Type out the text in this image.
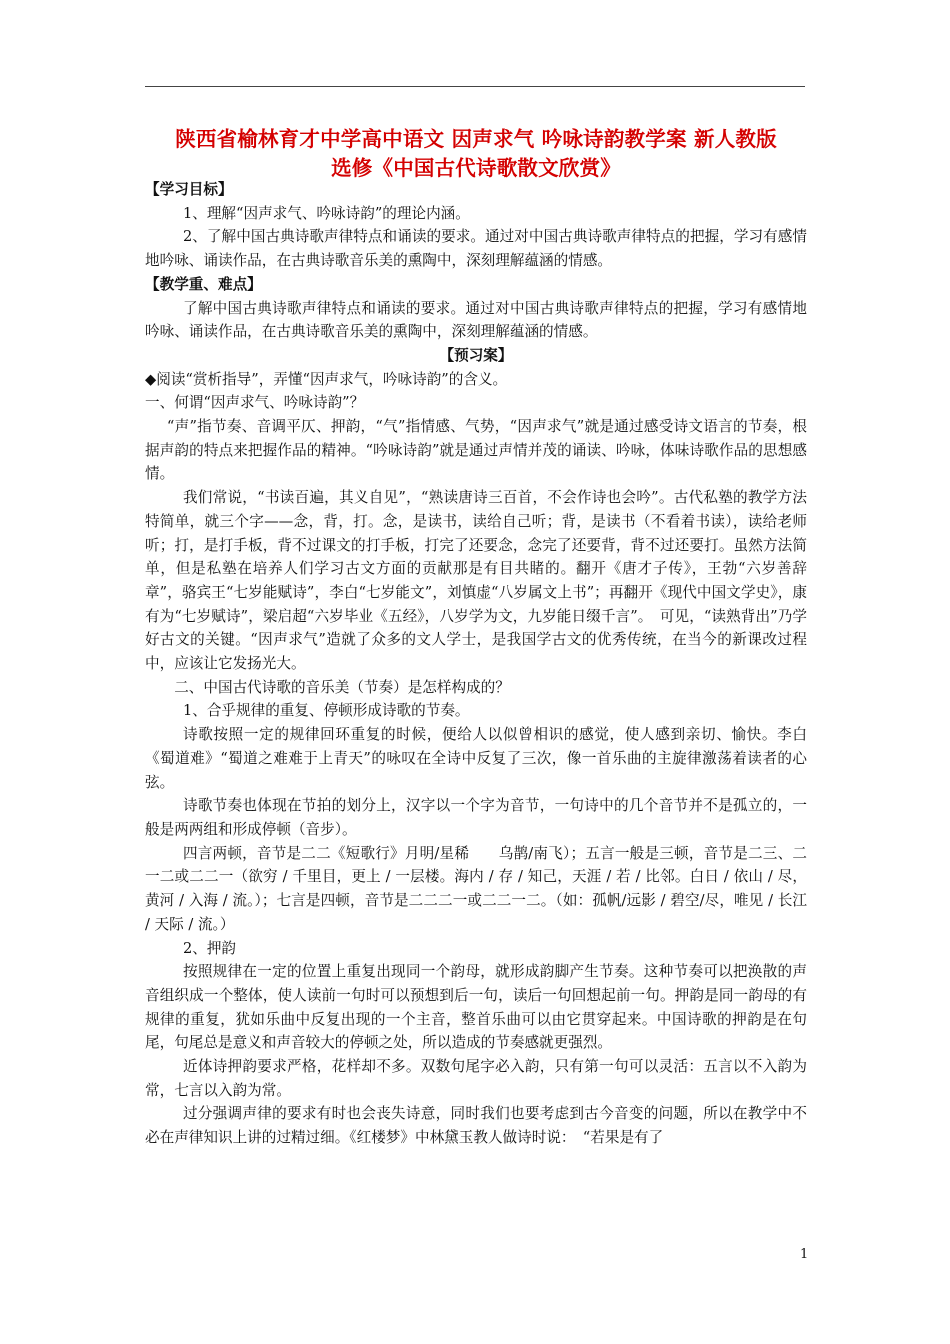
陕西省榆林育才中学高中语文 因声求气 吟咏诗韵教学案 新人教版
选修《中国古代诗歌散文欣赏》

【学习目标】

1、理解“因声求气、吟咏诗韵”的理论内涵。

2、了解中国古典诗歌声律特点和诵读的要求。通过对中国古典诗歌声律特点的把握，学习有感情地吟咏、诵读作品，在古典诗歌音乐美的熏陶中，深刻理解蕴涵的情感。

【教学重、难点】

了解中国古典诗歌声律特点和诵读的要求。通过对中国古典诗歌声律特点的把握，学习有感情地吟咏、诵读作品，在古典诗歌音乐美的熏陶中，深刻理解蕴涵的情感。

【预习案】

◆阅读“赏析指导”，弄懂“因声求气，吟咏诗韵”的含义。

一、何谓“因声求气、吟咏诗韵”？

“声”指节奏、音调平仄、押韵，“气”指情感、气势，“因声求气”就是通过感受诗文语言的节奏，根据声韵的特点来把握作品的精神。“吟咏诗韵”就是通过声情并茂的诵读、吟咏，体味诗歌作品的思想感情。

我们常说，“书读百遍，其义自见”，“熟读唐诗三百首，不会作诗也会吟”。古代私塾的教学方法特简单，就三个字——念，背，打。念，是读书，读给自己听；背，是读书（不看着书读），读给老师听；打，是打手板，背不过课文的打手板，打完了还要念，念完了还要背，背不过还要打。虽然方法简单，但是私塾在培养人们学习古文方面的贡献那是有目共睹的。翻开《唐才子传》，王勃“六岁善辞章”，骆宾王“七岁能赋诗”，李白“七岁能文”，刘慎虚“八岁属文上书”；再翻开《现代中国文学史》，康有为“七岁赋诗”，梁启超“六岁毕业《五经》，八岁学为文，九岁能日缀千言”。　可见，“读熟背出”乃学好古文的关键。“因声求气”造就了众多的文人学士，是我国学古文的优秀传统，在当今的新课改过程中，应该让它发扬光大。

二、中国古代诗歌的音乐美（节奏）是怎样构成的？

1、合乎规律的重复、停顿形成诗歌的节奏。

诗歌按照一定的规律回环重复的时候，便给人以似曾相识的感觉，使人感到亲切、愉快。李白《蜀道难》“蜀道之难难于上青天”的咏叹在全诗中反复了三次，像一首乐曲的主旋律激荡着读者的心弦。

诗歌节奏也体现在节拍的划分上，汉字以一个字为音节，一句诗中的几个音节并不是孤立的，一般是两两组和形成停顿（音步）。

四言两顿，音节是二二《短歌行》月明/星稀　　乌鹊/南飞）；五言一般是三顿，音节是二三、二一二或二二一（欲穷 / 千里目，更上 / 一层楼。海内 / 存 / 知己，天涯 / 若 / 比邻。白日 / 依山 / 尽，黄河 / 入海 / 流。）；七言是四顿，音节是二二二一或二二一二。（如：孤帆/远影 / 碧空/尽，唯见 / 长江 / 天际 / 流。）

2、押韵

按照规律在一定的位置上重复出现同一个韵母，就形成韵脚产生节奏。这种节奏可以把涣散的声音组织成一个整体，使人读前一句时可以预想到后一句，读后一句回想起前一句。押韵是同一韵母的有规律的重复，犹如乐曲中反复出现的一个主音，整首乐曲可以由它贯穿起来。中国诗歌的押韵是在句尾，句尾总是意义和声音较大的停顿之处，所以造成的节奏感就更强烈。

近体诗押韵要求严格，花样却不多。双数句尾字必入韵，只有第一句可以灵活：五言以不入韵为常，七言以入韵为常。

过分强调声律的要求有时也会丧失诗意，同时我们也要考虑到古今音变的问题，所以在教学中不必在声律知识上讲的过精过细。《红楼梦》中林黛玉教人做诗时说：　“若果是有了

1
